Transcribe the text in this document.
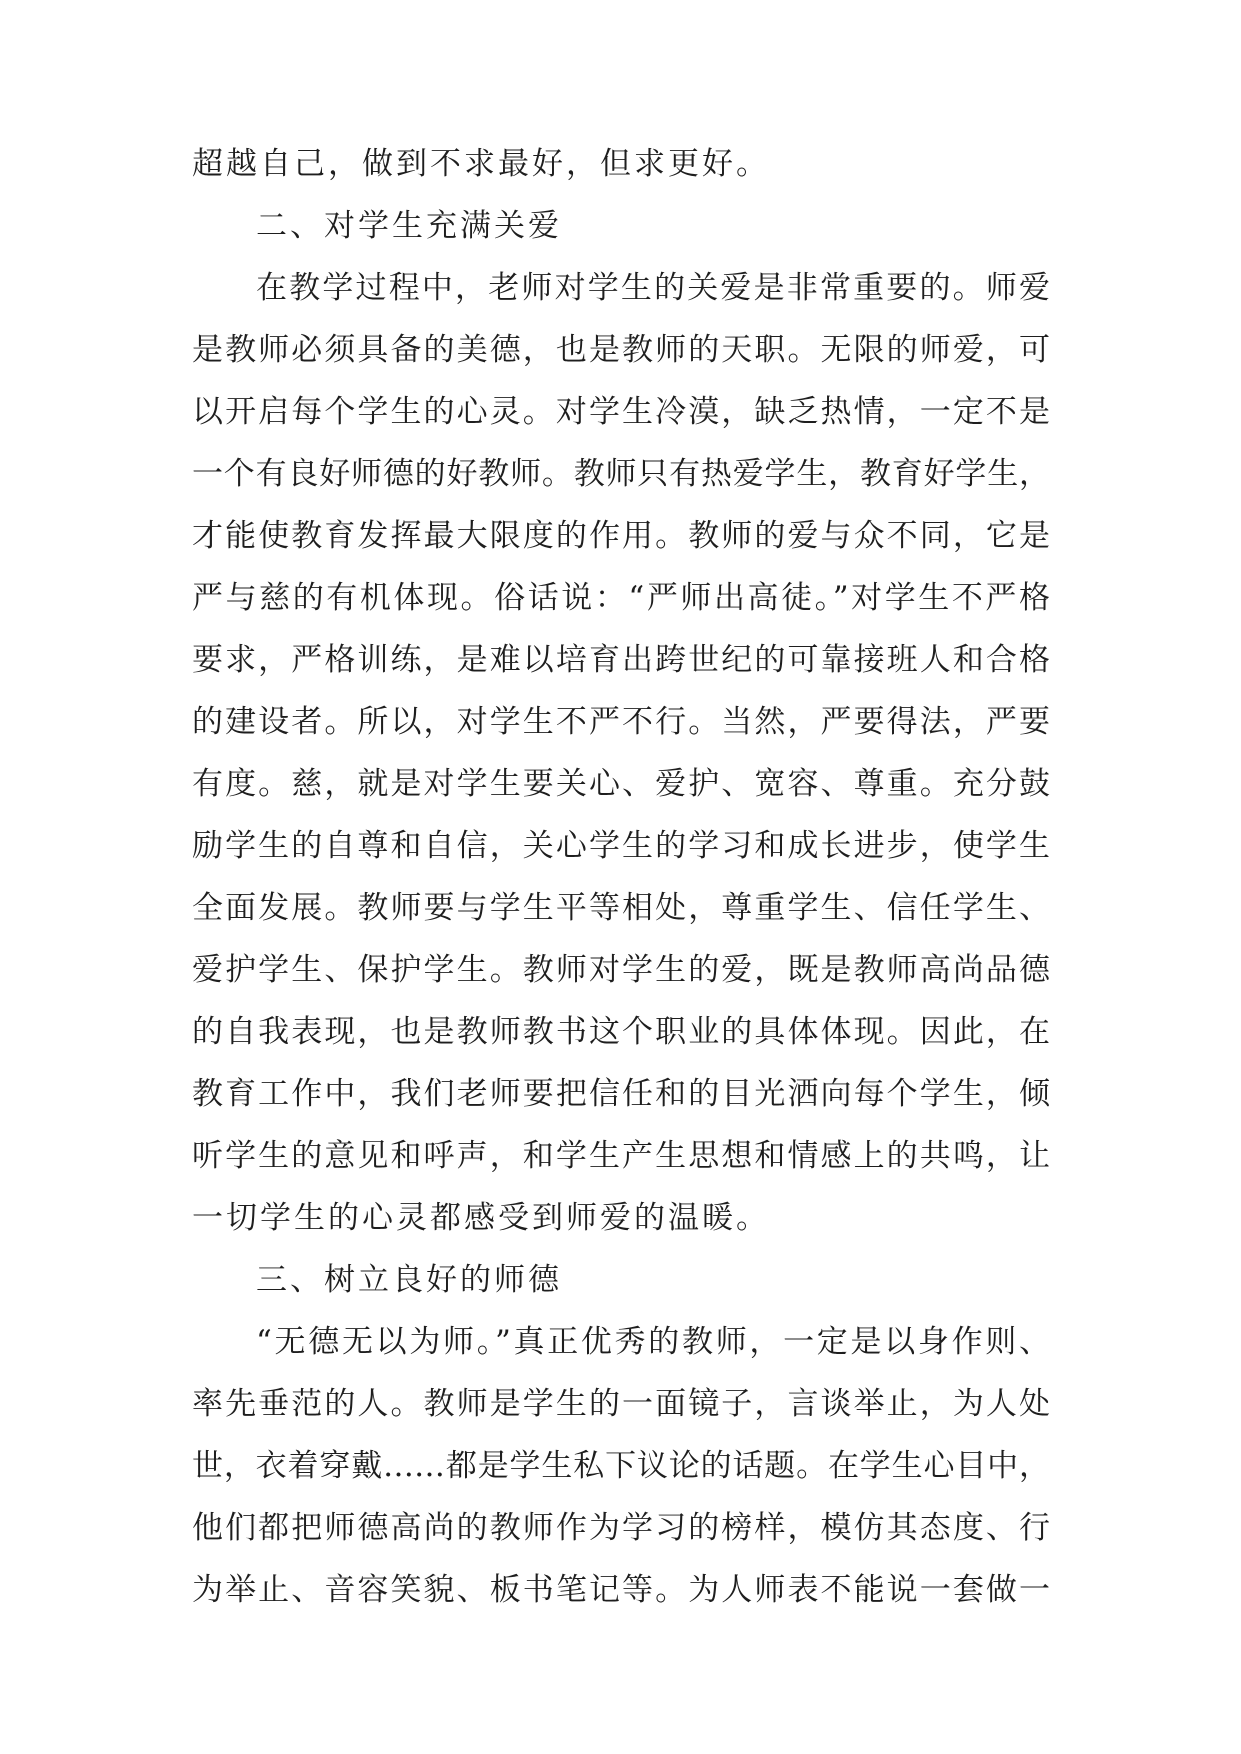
超越自己，做到不求最好，但求更好。
二、对学生充满关爱
在教学过程中，老师对学生的关爱是非常重要的。师爱
是教师必须具备的美德，也是教师的天职。无限的师爱，可
以开启每个学生的心灵。对学生冷漠，缺乏热情，一定不是
一个有良好师德的好教师。教师只有热爱学生，教育好学生，
才能使教育发挥最大限度的作用。教师的爱与众不同，它是
严与慈的有机体现。俗话说：“严师出高徒。”对学生不严格
要求，严格训练，是难以培育出跨世纪的可靠接班人和合格
的建设者。所以，对学生不严不行。当然，严要得法，严要
有度。慈，就是对学生要关心、爱护、宽容、尊重。充分鼓
励学生的自尊和自信，关心学生的学习和成长进步，使学生
全面发展。教师要与学生平等相处，尊重学生、信任学生、
爱护学生、保护学生。教师对学生的爱，既是教师高尚品德
的自我表现，也是教师教书这个职业的具体体现。因此，在
教育工作中，我们老师要把信任和的目光洒向每个学生，倾
听学生的意见和呼声，和学生产生思想和情感上的共鸣，让
一切学生的心灵都感受到师爱的温暖。
三、树立良好的师德
“无德无以为师。”真正优秀的教师，一定是以身作则、
率先垂范的人。教师是学生的一面镜子，言谈举止，为人处
世，衣着穿戴……都是学生私下议论的话题。在学生心目中，
他们都把师德高尚的教师作为学习的榜样，模仿其态度、行
为举止、音容笑貌、板书笔记等。为人师表不能说一套做一
